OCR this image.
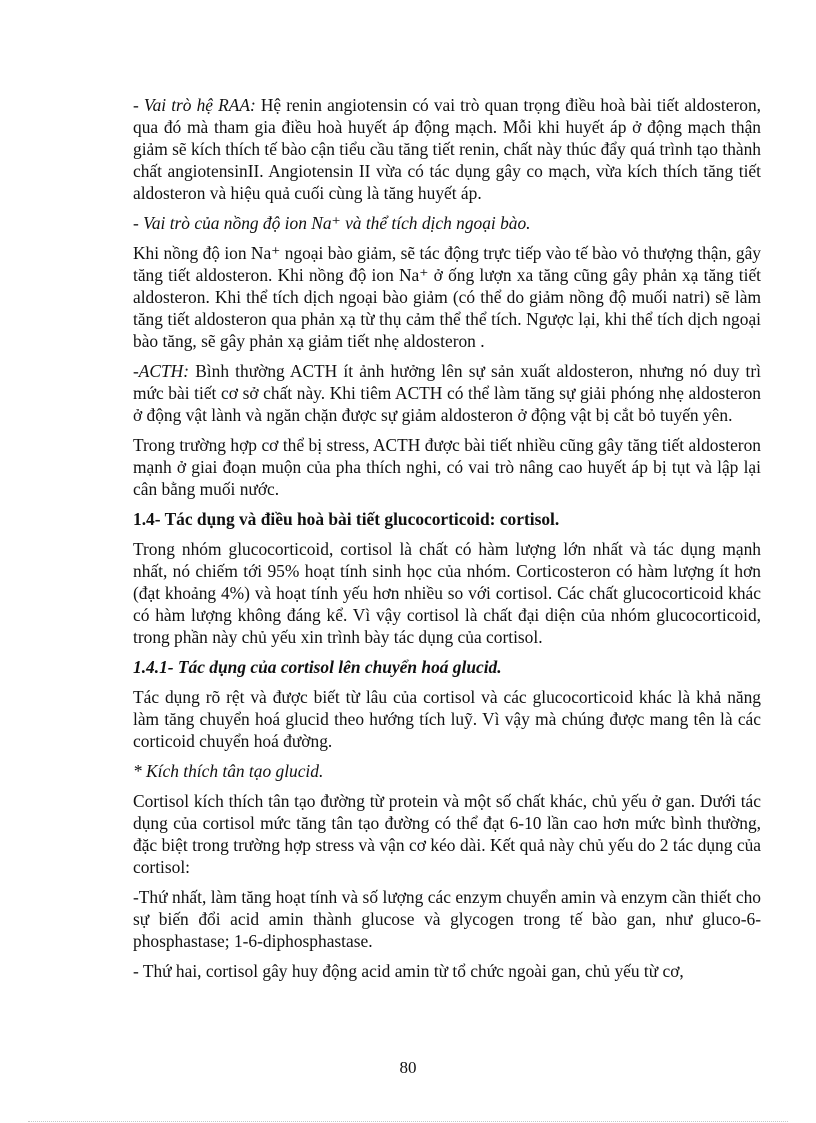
- Vai trò hệ RAA: Hệ renin angiotensin có vai trò quan trọng điều hoà bài tiết aldosteron, qua đó mà tham gia điều hoà huyết áp động mạch. Mỗi khi huyết áp ở động mạch thận giảm sẽ kích thích tế bào cận tiểu cầu tăng tiết renin, chất này thúc đẩy quá trình tạo thành chất angiotensinII. Angiotensin II vừa có tác dụng gây co mạch, vừa kích thích tăng tiết aldosteron và hiệu quả cuối cùng là tăng huyết áp.

- Vai trò của nồng độ ion Na⁺ và thể tích dịch ngoại bào.

Khi nồng độ ion Na⁺ ngoại bào giảm, sẽ tác động trực tiếp vào tế bào vỏ thượng thận, gây tăng tiết aldosteron. Khi nồng độ ion Na⁺ ở ống lượn xa tăng cũng gây phản xạ tăng tiết aldosteron. Khi thể tích dịch ngoại bào giảm (có thể do giảm nồng độ muối natri) sẽ làm tăng tiết aldosteron qua phản xạ từ thụ cảm thể thể tích. Ngược lại, khi thể tích dịch ngoại bào tăng, sẽ gây phản xạ giảm tiết nhẹ aldosteron .

-ACTH: Bình thường ACTH ít ảnh hưởng lên sự sản xuất aldosteron, nhưng nó duy trì mức bài tiết cơ sở chất này. Khi tiêm ACTH có thể làm tăng sự giải phóng nhẹ aldosteron ở động vật lành và ngăn chặn được sự giảm aldosteron ở động vật bị cắt bỏ tuyến yên.

Trong trường hợp cơ thể bị stress, ACTH được bài tiết nhiều cũng gây tăng tiết aldosteron mạnh ở giai đoạn muộn của pha thích nghi, có vai trò nâng cao huyết áp bị tụt và lập lại cân bằng muối nước.

1.4- Tác dụng và điều hoà bài tiết glucocorticoid: cortisol.

Trong nhóm glucocorticoid, cortisol là chất có hàm lượng lớn nhất và tác dụng mạnh nhất, nó chiếm tới 95% hoạt tính sinh học của nhóm. Corticosteron có hàm lượng ít hơn (đạt khoảng 4%) và hoạt tính yếu hơn nhiều so với cortisol. Các chất glucocorticoid khác có hàm lượng không đáng kể. Vì vậy cortisol là chất đại diện của nhóm glucocorticoid, trong phần này chủ yếu xin trình bày tác dụng của cortisol.

1.4.1- Tác dụng của cortisol lên chuyển hoá glucid.

Tác dụng rõ rệt và được biết từ lâu của cortisol và các glucocorticoid khác là khả năng làm tăng chuyển hoá glucid theo hướng tích luỹ. Vì vậy mà chúng được mang tên là các corticoid chuyển hoá đường.

* Kích thích tân tạo glucid.

Cortisol kích thích tân tạo đường từ protein và một số chất khác, chủ yếu ở gan. Dưới tác dụng của cortisol mức tăng tân tạo đường có thể đạt 6-10 lần cao hơn mức bình thường, đặc biệt trong trường hợp stress và vận cơ kéo dài. Kết quả này chủ yếu do 2 tác dụng của cortisol:

-Thứ nhất, làm tăng hoạt tính và số lượng các enzym chuyển amin và enzym cần thiết cho sự biến đổi acid amin thành glucose và glycogen trong tế bào gan, như gluco-6-phosphastase; 1-6-diphosphastase.

- Thứ hai, cortisol gây huy động acid amin từ tổ chức ngoài gan, chủ yếu từ cơ,

80
